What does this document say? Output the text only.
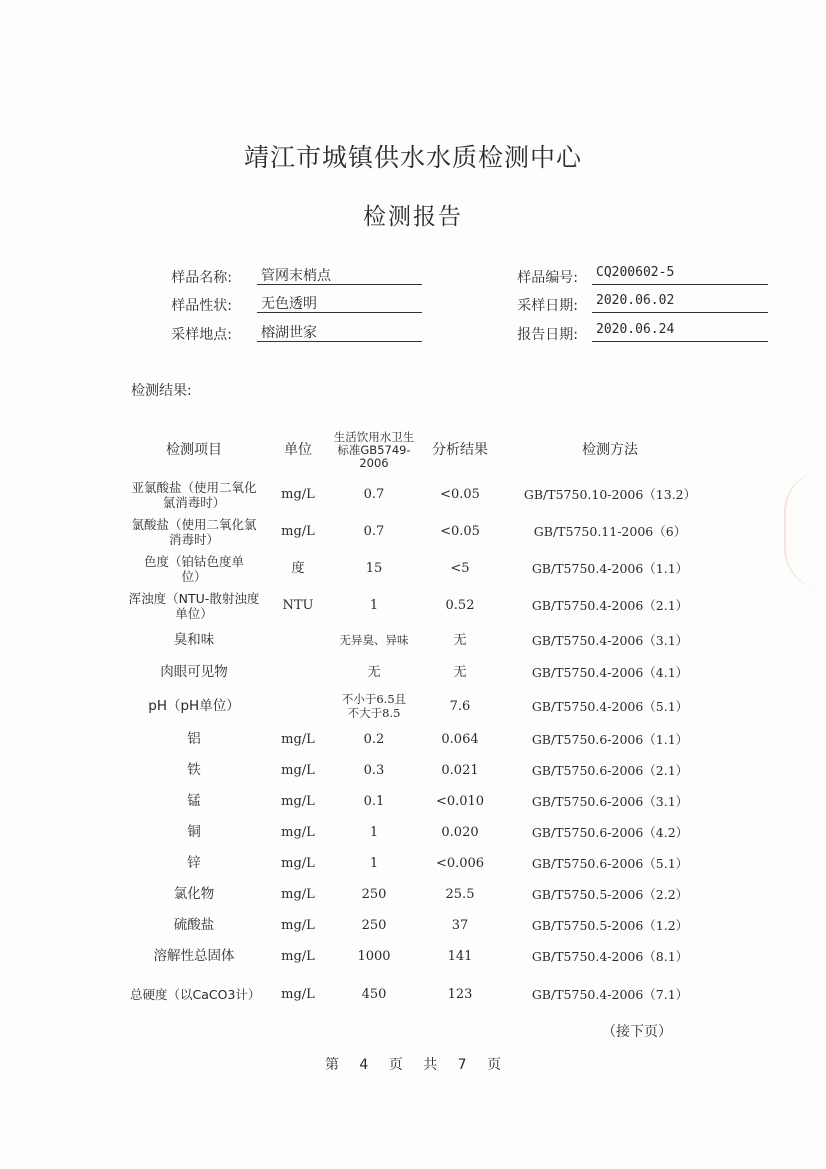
靖江市城镇供水水质检测中心
检测报告
样品名称: 管网末梢点	样品编号:	CQ200602-5
样品性状: 无色透明	采样日期:	2020.06.02
采样地点: 榕湖世家	报告日期:	2020.06.24
检测结果:
检测项目	单位	生活饮用水卫生标准GB5749-2006	分析结果	检测方法
亚氯酸盐（使用二氧化氯消毒时）	mg/L	0.7	<0.05	GB/T5750.10-2006（13.2）
氯酸盐（使用二氧化氯消毒时）	mg/L	0.7	<0.05	GB/T5750.11-2006（6）
色度（铂钴色度单位）	度	15	<5	GB/T5750.4-2006（1.1）
浑浊度（NTU-散射浊度单位）	NTU	1	0.52	GB/T5750.4-2006（2.1）
臭和味		无异臭、异味	无	GB/T5750.4-2006（3.1）
肉眼可见物		无	无	GB/T5750.4-2006（4.1）
pH（pH单位）		不小于6.5且不大于8.5	7.6	GB/T5750.4-2006（5.1）
铝	mg/L	0.2	0.064	GB/T5750.6-2006（1.1）
铁	mg/L	0.3	0.021	GB/T5750.6-2006（2.1）
锰	mg/L	0.1	<0.010	GB/T5750.6-2006（3.1）
铜	mg/L	1	0.020	GB/T5750.6-2006（4.2）
锌	mg/L	1	<0.006	GB/T5750.6-2006（5.1）
氯化物	mg/L	250	25.5	GB/T5750.5-2006（2.2）
硫酸盐	mg/L	250	37	GB/T5750.5-2006（1.2）
溶解性总固体	mg/L	1000	141	GB/T5750.4-2006（8.1）
总硬度（以CaCO3计）	mg/L	450	123	GB/T5750.4-2006（7.1）
（接下页）
第 4 页 共 7 页
